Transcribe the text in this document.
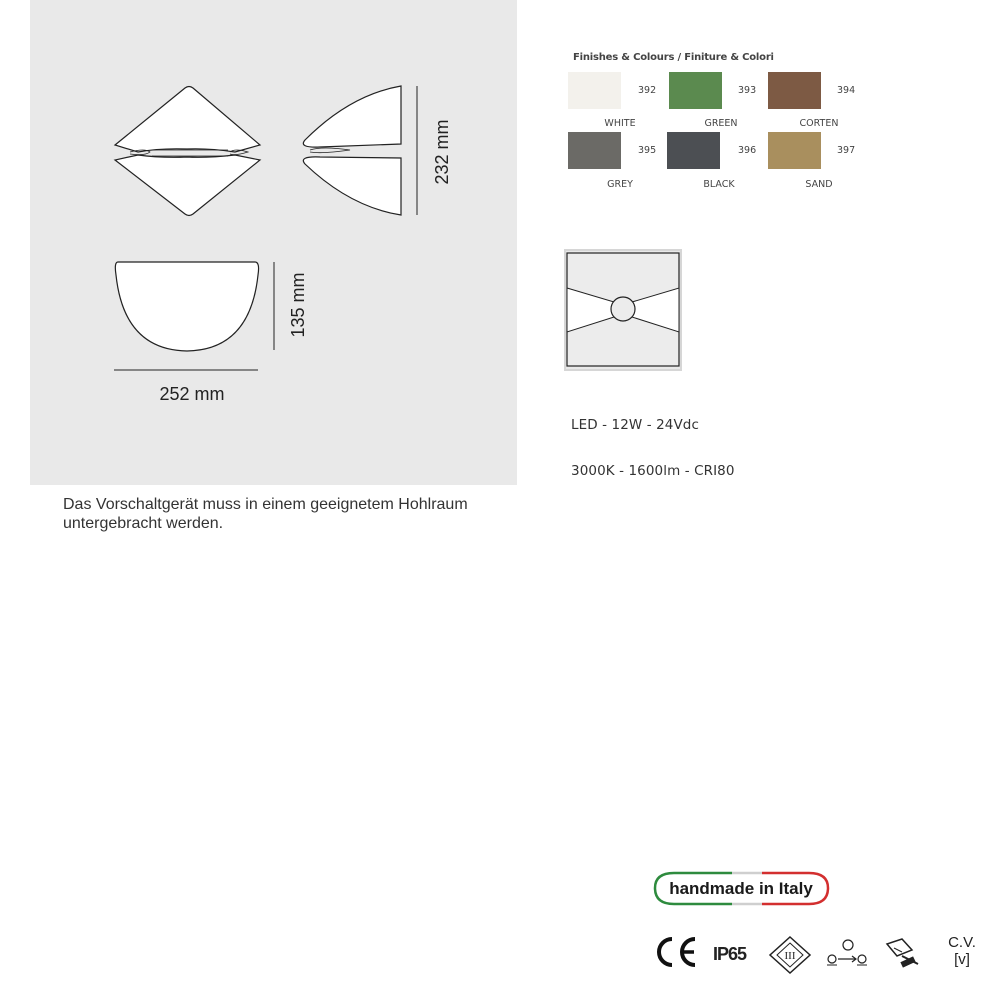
232 mm
135 mm
252 mm
Das Vorschaltgerät muss in einem geeignetem Hohlraum untergebracht werden.
Finishes & Colours / Finiture & Colori
392
WHITE
393
GREEN
394
CORTEN
395
GREY
396
BLACK
397
SAND
LED - 12W - 24Vdc
3000K - 1600lm - CRI80
handmade in Italy
IP65	III
C.V.
[v]
